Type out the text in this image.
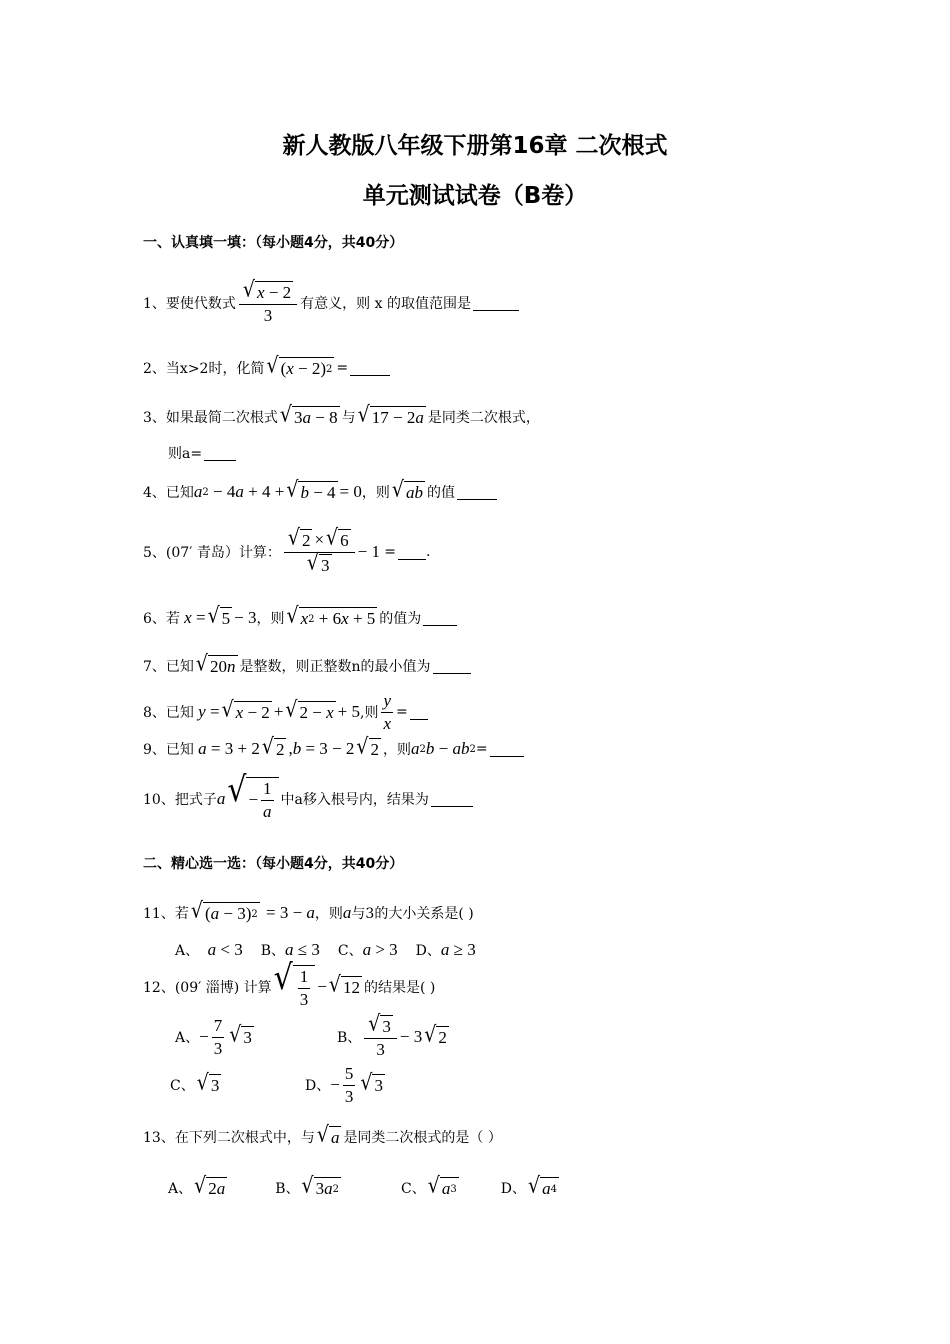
新人教版八年级下册第16章 二次根式
单元测试试卷（B卷）
一、认真填一填：（每小题4分，共40分）
1、 要使代数式 $\frac{√ x - 2}{3}$ 有意义，则 x 的取值范围是
2、 当x>2时，化简 √ ( x − 2) 2 =
3、 如果最简二次根式 √ 3 a − 8 与 √ 17 − 2 a 是同类二次根式，
则a=
4、 已知 a 2 − 4 a + 4 + √ b − 4 = 0 ，则 √ ab 的值
5、 (07′ 青岛）计算： $\frac{√ 2 \times √ 6}{√ 3} - 1$ = .
6、 若 x = √ 5 − 3 ，则 √ x 2 + 6 x + 5 的值为
7、 已知 √ 20 n 是整数，则正整数n的最小值为
8、 已知 y = √ x − 2 + √ 2 − x + 5 ,则 $\frac{y}{x}$ =
9、 已知 a = 3 + 2 √ 2 , b = 3 − 2 √ 2 ，则 a 2 b − ab 2 =
10、 把式子 a √ − $\frac{1}{a}$ 中a移入根号内，结果为
二、精心选一选：（每小题4分，共40分）
11、 若 √ ( a − 3) 2 = 3 − a ，则 a 与3的大小关系是( )
A、 a < 3 B、 a ≤ 3 C、 a > 3 D、 a ≥ 3
12、 (09′ 淄博) 计算 √ $\frac{1}{3}$ − √ 12 的结果是( )
A、 − $\frac{7}{3}$ √ 3	B、 $\frac{√ 3}{3} - 3$ √ 2
C、 √ 3	D、 − $\frac{5}{3}$ √ 3
13、 在下列二次根式中，与 √ a 是同类二次根式的是（ ）
A、 √ 2 a	B、 √ 3 a 2	C、 √ a 3	D、 √ a 4
